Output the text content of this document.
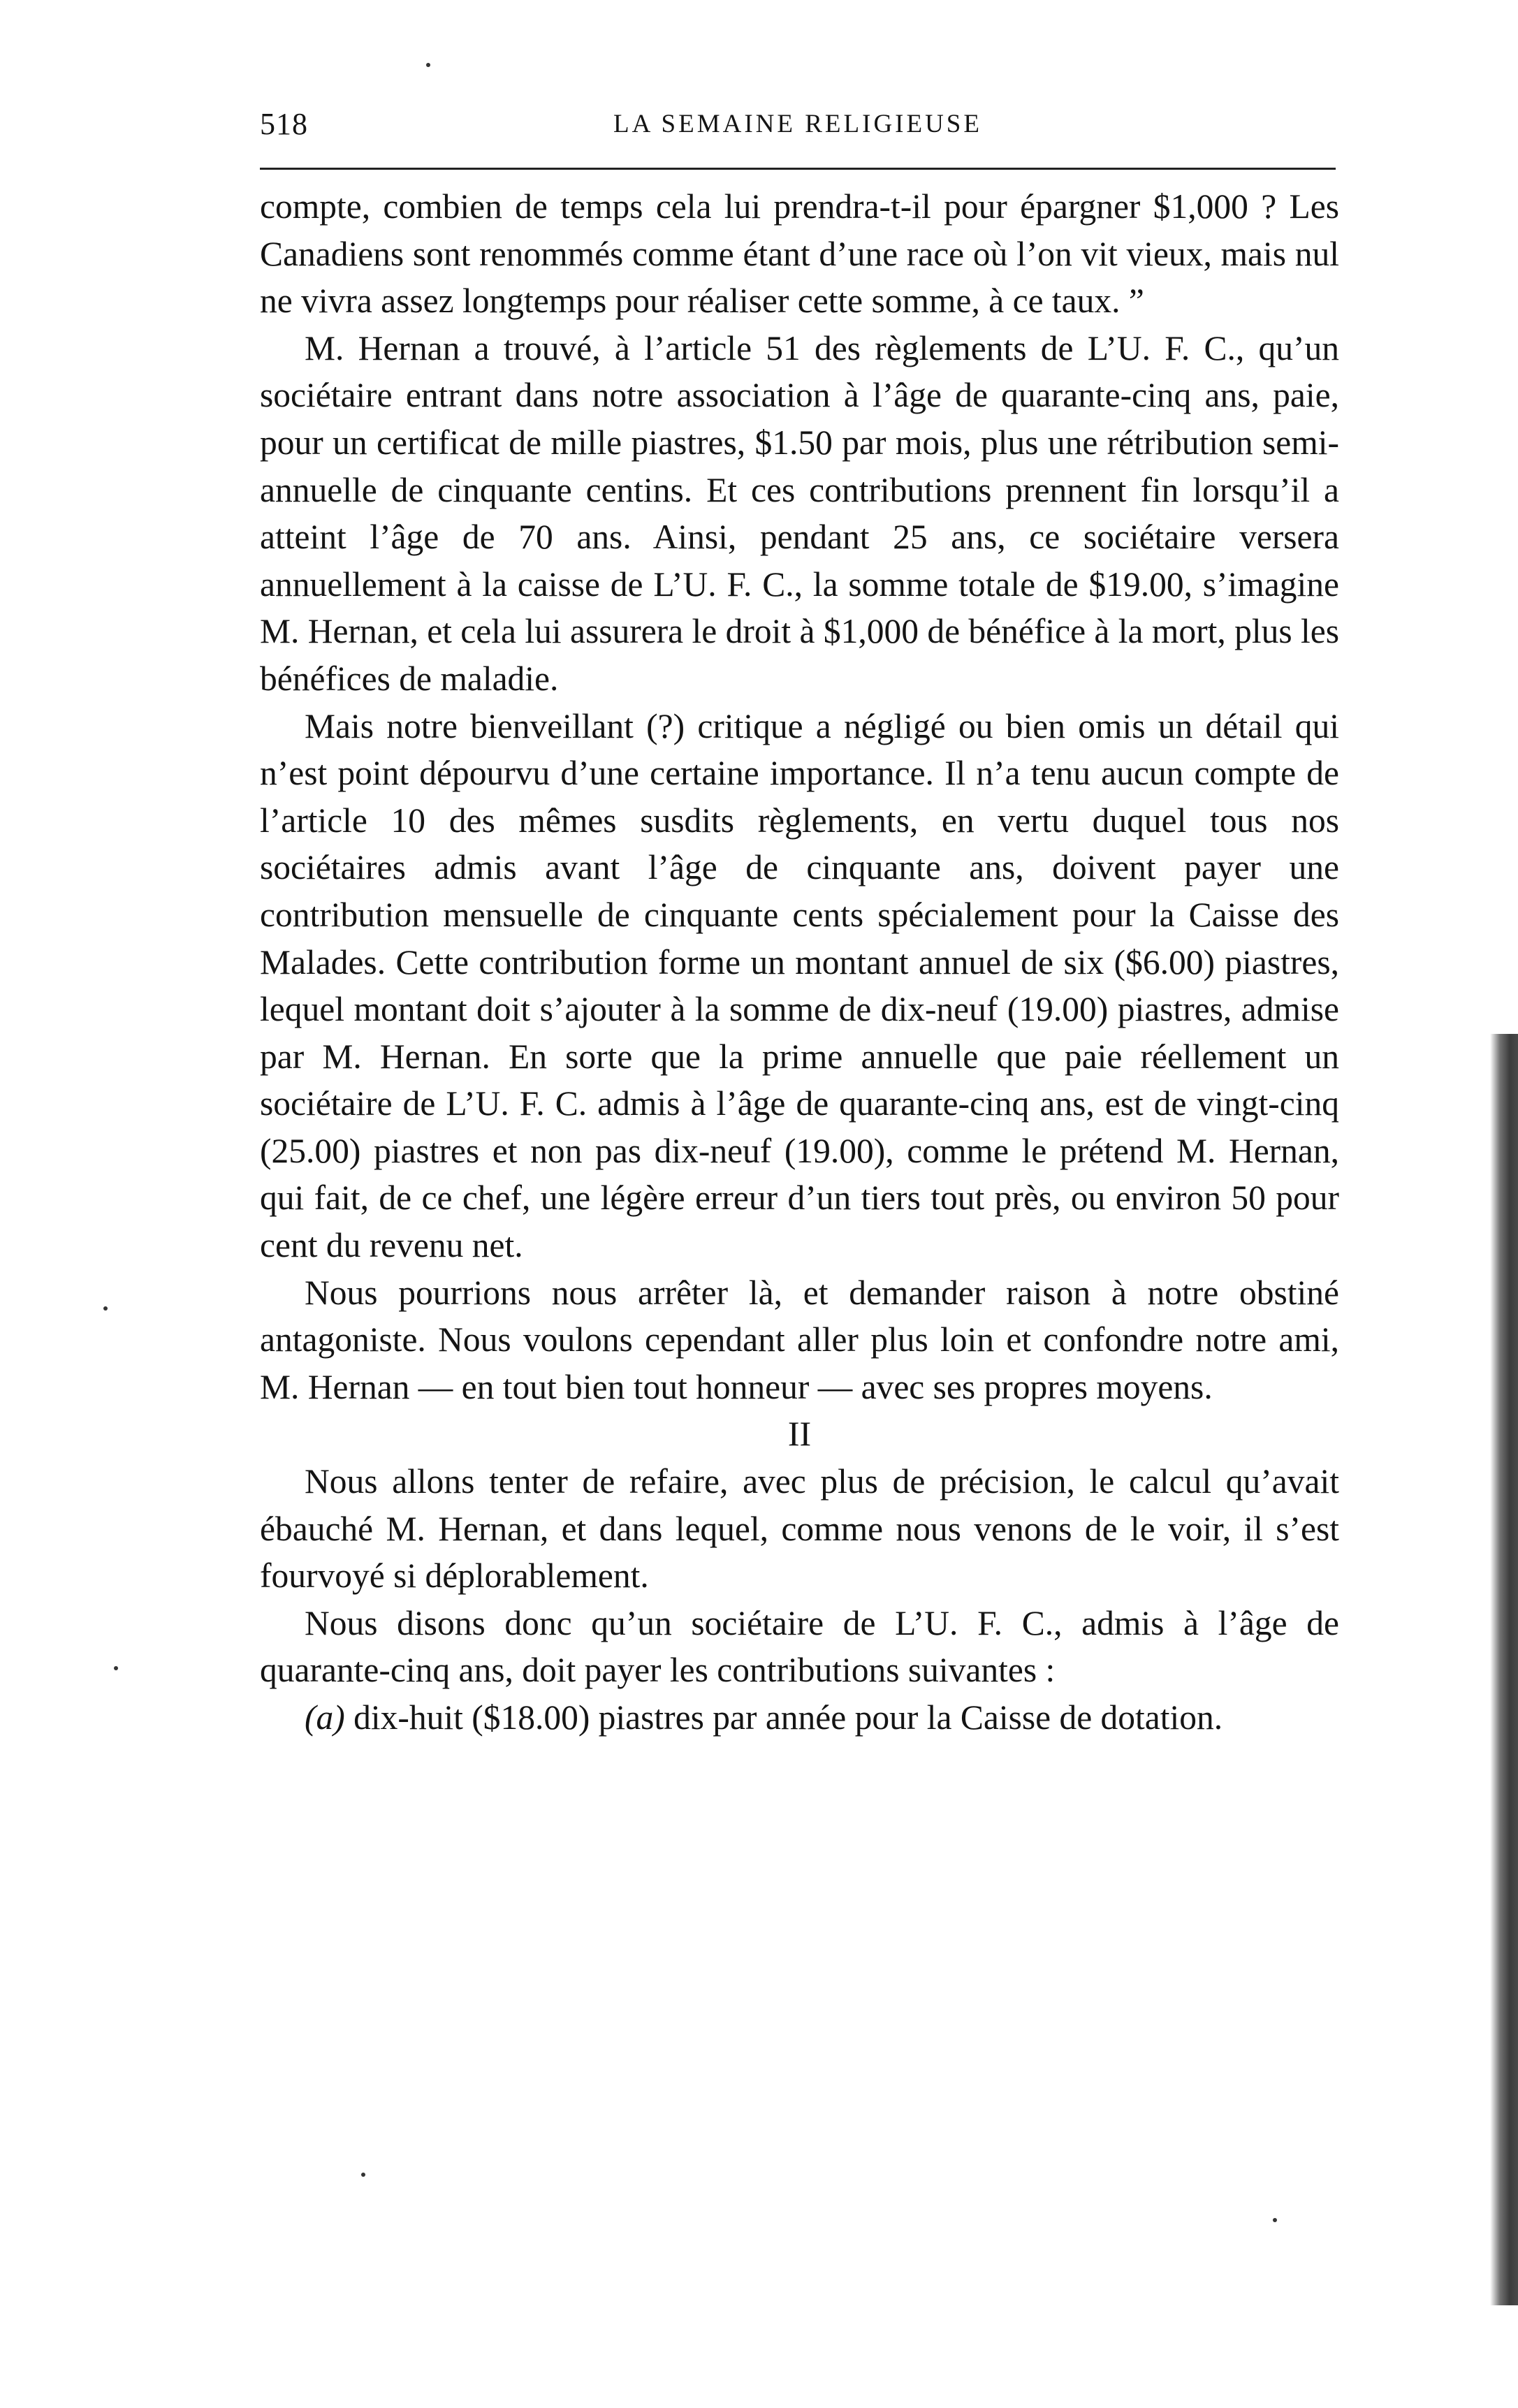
518	LA SEMAINE RELIGIEUSE

compte, combien de temps cela lui prendra-t-il pour épargner $1,000 ? Les Canadiens sont renommés comme étant d’une race où l’on vit vieux, mais nul ne vivra assez longtemps pour réaliser cette somme, à ce taux. ”

M. Hernan a trouvé, à l’article 51 des règlements de L’U. F. C., qu’un sociétaire entrant dans notre association à l’âge de quarante-cinq ans, paie, pour un certificat de mille piastres, $1.50 par mois, plus une rétribution semi-annuelle de cinquante centins. Et ces contributions prennent fin lorsqu’il a atteint l’âge de 70 ans. Ainsi, pendant 25 ans, ce sociétaire versera annuellement à la caisse de L’U. F. C., la somme totale de $19.00, s’imagine M. Hernan, et cela lui assurera le droit à $1,000 de bénéfice à la mort, plus les bénéfices de maladie.

Mais notre bienveillant (?) critique a négligé ou bien omis un détail qui n’est point dépourvu d’une certaine importance. Il n’a tenu aucun compte de l’article 10 des mêmes susdits règlements, en vertu duquel tous nos sociétaires admis avant l’âge de cinquante ans, doivent payer une contribution mensuelle de cinquante cents spécialement pour la Caisse des Malades. Cette contribution forme un montant annuel de six ($6.00) piastres, lequel montant doit s’ajouter à la somme de dix-neuf (19.00) piastres, admise par M. Hernan. En sorte que la prime annuelle que paie réellement un sociétaire de L’U. F. C. admis à l’âge de quarante-cinq ans, est de vingt-cinq (25.00) piastres et non pas dix-neuf (19.00), comme le prétend M. Hernan, qui fait, de ce chef, une légère erreur d’un tiers tout près, ou environ 50 pour cent du revenu net.

Nous pourrions nous arrêter là, et demander raison à notre obstiné antagoniste. Nous voulons cependant aller plus loin et confondre notre ami, M. Hernan — en tout bien tout honneur — avec ses propres moyens.

II

Nous allons tenter de refaire, avec plus de précision, le calcul qu’avait ébauché M. Hernan, et dans lequel, comme nous venons de le voir, il s’est fourvoyé si déplorablement.

Nous disons donc qu’un sociétaire de L’U. F. C., admis à l’âge de quarante-cinq ans, doit payer les contributions suivantes :

(a) dix-huit ($18.00) piastres par année pour la Caisse de dotation.
